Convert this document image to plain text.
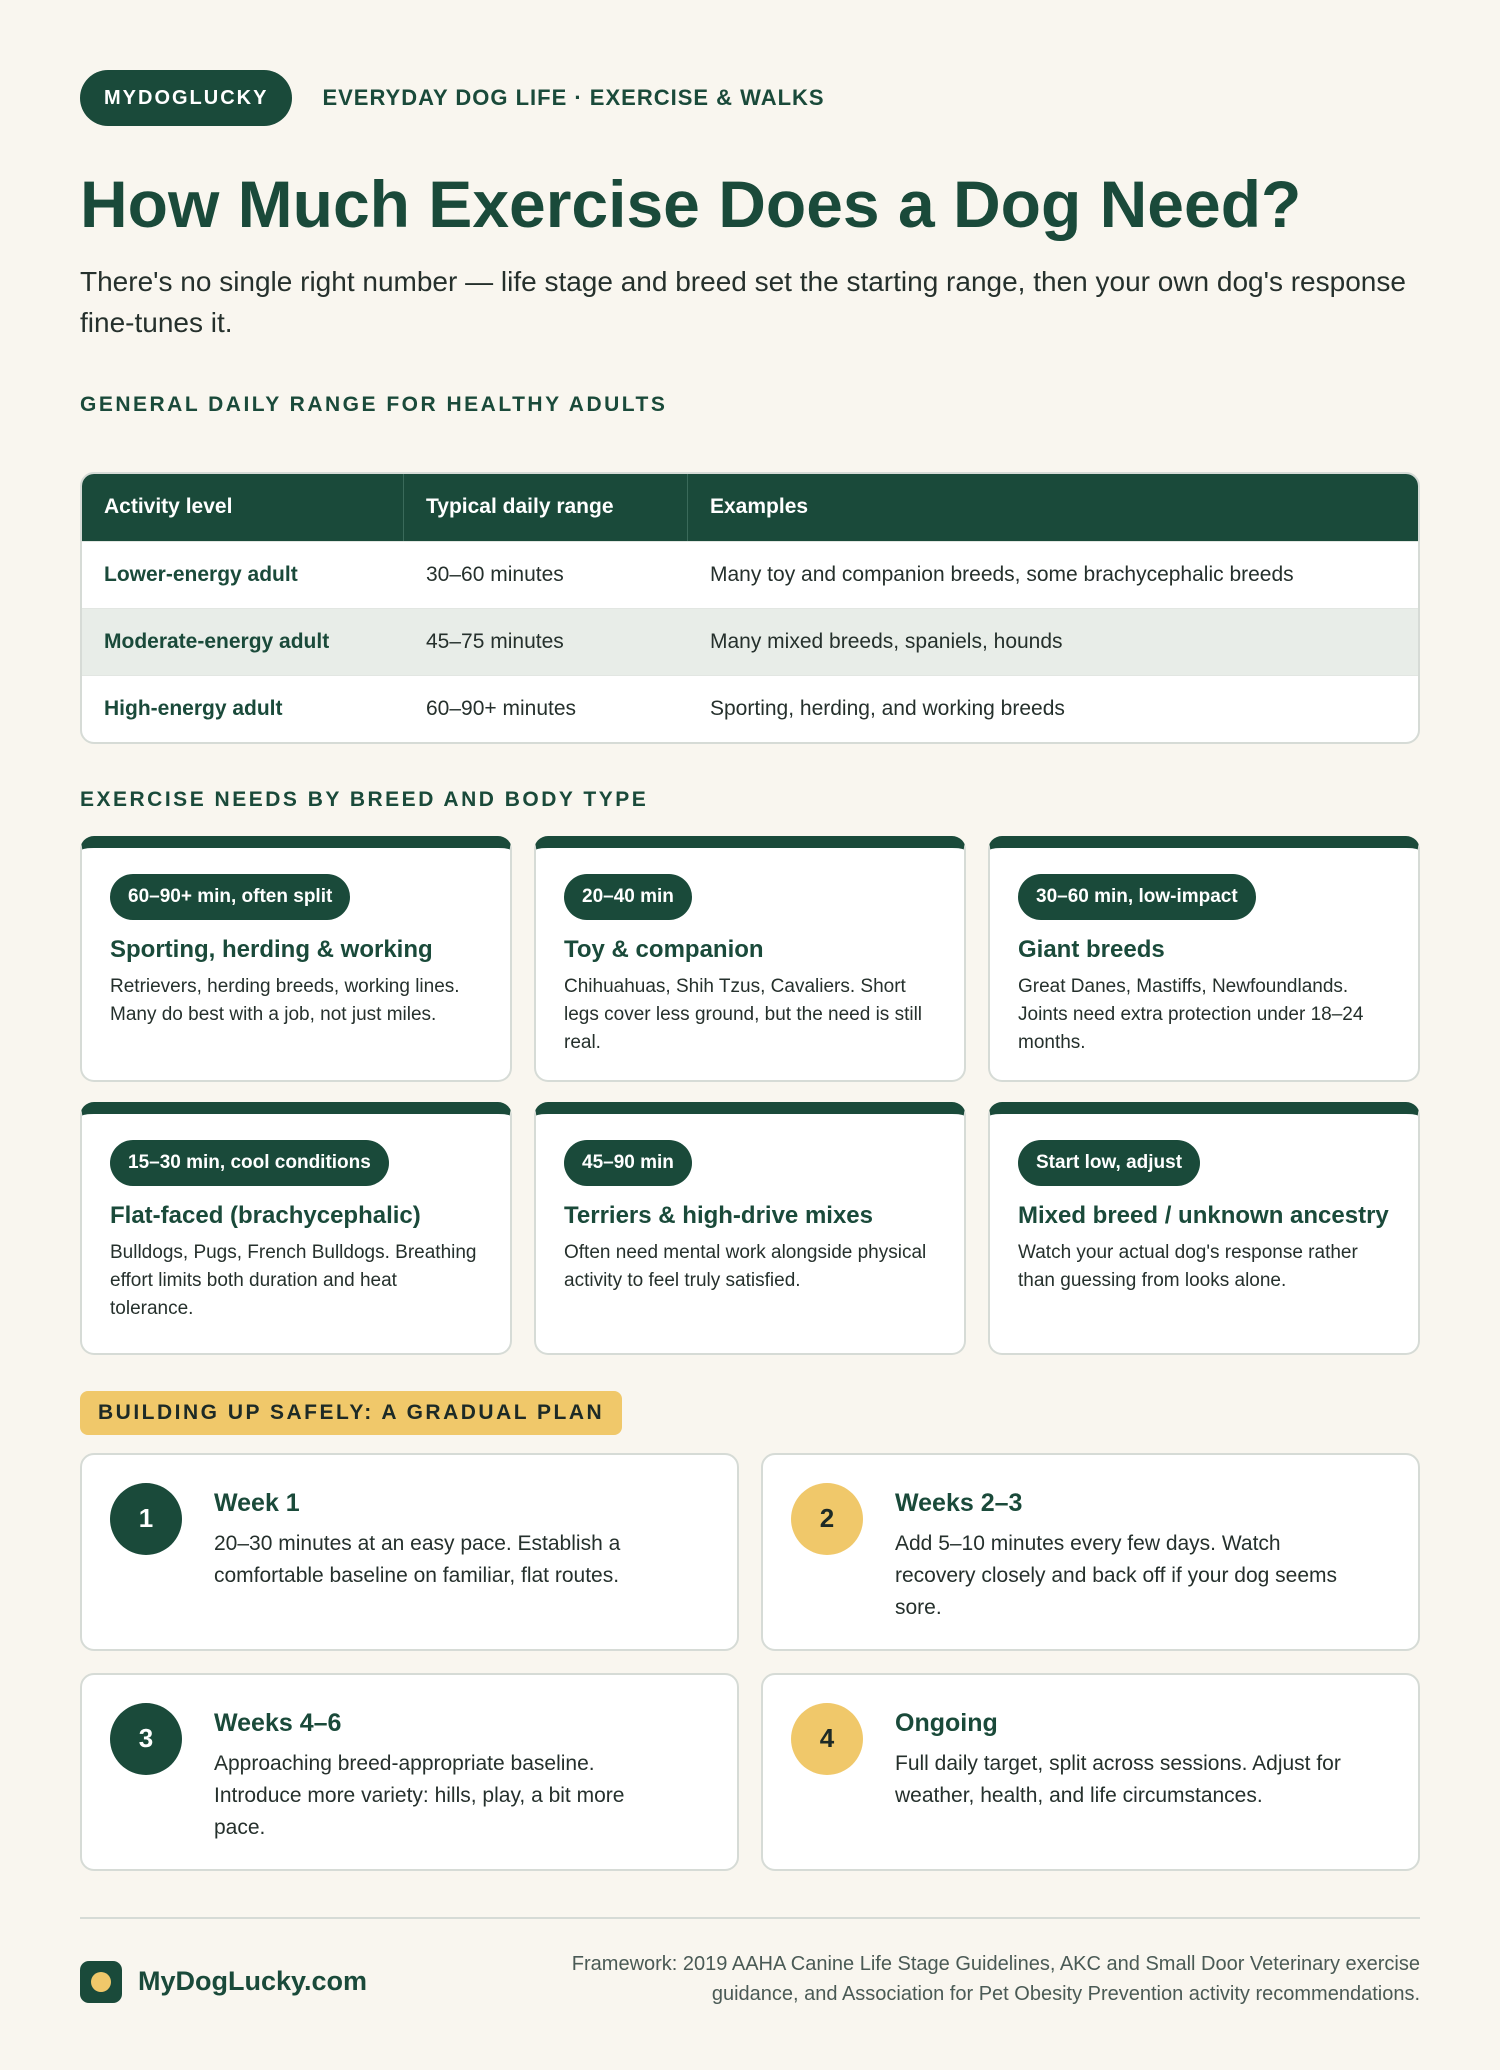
MYDOGLUCKY	EVERYDAY DOG LIFE · EXERCISE & WALKS
How Much Exercise Does a Dog Need?

There's no single right number — life stage and breed set the starting range, then your own dog's response fine-tunes it.

GENERAL DAILY RANGE FOR HEALTHY ADULTS
Activity level	Typical daily range	Examples
Lower-energy adult	30–60 minutes	Many toy and companion breeds, some brachycephalic breeds
Moderate-energy adult	45–75 minutes	Many mixed breeds, spaniels, hounds
High-energy adult	60–90+ minutes	Sporting, herding, and working breeds
EXERCISE NEEDS BY BREED AND BODY TYPE
60–90+ min, often split
Sporting, herding & working

Retrievers, herding breeds, working lines. Many do best with a job, not just miles.

20–40 min
Toy & companion

Chihuahuas, Shih Tzus, Cavaliers. Short legs cover less ground, but the need is still real.

30–60 min, low-impact
Giant breeds

Great Danes, Mastiffs, Newfoundlands. Joints need extra protection under 18–24 months.

15–30 min, cool conditions
Flat-faced (brachycephalic)

Bulldogs, Pugs, French Bulldogs. Breathing effort limits both duration and heat tolerance.

45–90 min
Terriers & high-drive mixes

Often need mental work alongside physical activity to feel truly satisfied.

Start low, adjust
Mixed breed / unknown ancestry

Watch your actual dog's response rather than guessing from looks alone.

BUILDING UP SAFELY: A GRADUAL PLAN
1
Week 1

20–30 minutes at an easy pace. Establish a comfortable baseline on familiar, flat routes.

2
Weeks 2–3

Add 5–10 minutes every few days. Watch recovery closely and back off if your dog seems sore.

3
Weeks 4–6

Approaching breed-appropriate baseline. Introduce more variety: hills, play, a bit more pace.

4
Ongoing

Full daily target, split across sessions. Adjust for weather, health, and life circumstances.

MyDogLucky.com
Framework: 2019 AAHA Canine Life Stage Guidelines, AKC and Small Door Veterinary exercise guidance, and Association for Pet Obesity Prevention activity recommendations.
